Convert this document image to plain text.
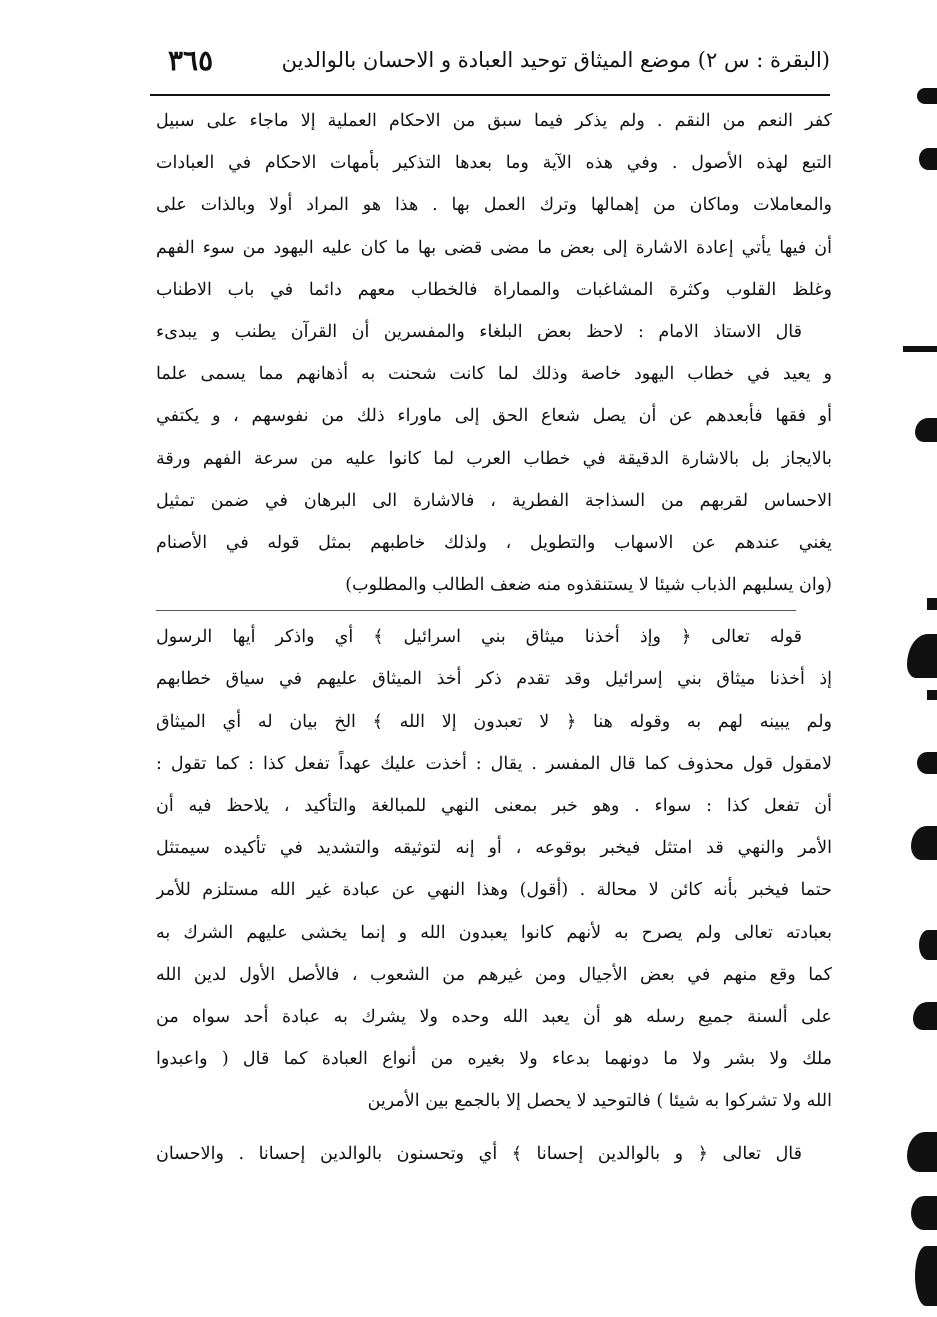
(البقرة : س ٢) موضع الميثاق توحيد العبادة و الاحسان بالوالدين
٣٦٥
كفر النعم من النقم . ولم يذكر فيما سبق من الاحكام العملية إلا ماجاء على سبيل
التبع لهذه الأصول . وفي هذه الآية وما بعدها التذكير بأمهات الاحكام في العبادات
والمعاملات وماكان من إهمالها وترك العمل بها . هذا هو المراد أولا وبالذات على
أن فيها يأتي إعادة الاشارة إلى بعض ما مضى قضى بها ما كان عليه اليهود من سوء الفهم
وغلظ القلوب وكثرة المشاغبات والمماراة فالخطاب معهم دائما في باب الاطناب
قال الاستاذ الامام : لاحظ بعض البلغاء والمفسرين أن القرآن يطنب و يبدىء
و يعيد في خطاب اليهود خاصة وذلك لما كانت شحنت به أذهانهم مما يسمى علما
أو فقها فأبعدهم عن أن يصل شعاع الحق إلى ماوراء ذلك من نفوسهم ، و يكتفي
بالايجاز بل بالاشارة الدقيقة في خطاب العرب لما كانوا عليه من سرعة الفهم ورقة
الاحساس لقربهم من السذاجة الفطرية ، فالاشارة الى البرهان في ضمن تمثيل
يغني عندهم عن الاسهاب والتطويل ، ولذلك خاطبهم بمثل قوله في الأصنام
(وان يسلبهم الذباب شيئا لا يستنقذوه منه ضعف الطالب والمطلوب)
قوله تعالى ﴿ وإذ أخذنا ميثاق بني اسرائيل ﴾ أي واذكر أيها الرسول
إذ أخذنا ميثاق بني إسرائيل وقد تقدم ذكر أخذ الميثاق عليهم في سياق خطابهم
ولم يبينه لهم به وقوله هنا ﴿ لا تعبدون إلا الله ﴾ الخ بيان له أي الميثاق
لامقول قول محذوف كما قال المفسر . يقال : أخذت عليك عهداً تفعل كذا : كما تقول :
أن تفعل كذا : سواء . وهو خبر بمعنى النهي للمبالغة والتأكيد ، يلاحظ فيه أن
الأمر والنهي قد امتثل فيخبر بوقوعه ، أو إنه لتوثيقه والتشديد في تأكيده سيمتثل
حتما فيخبر بأنه كائن لا محالة . (أقول) وهذا النهي عن عبادة غير الله مستلزم للأمر
بعبادته تعالى ولم يصرح به لأنهم كانوا يعبدون الله و إنما يخشى عليهم الشرك به
كما وقع منهم في بعض الأجيال ومن غيرهم من الشعوب ، فالأصل الأول لدين الله
على ألسنة جميع رسله هو أن يعبد الله وحده ولا يشرك به عبادة أحد سواه من
ملك ولا بشر ولا ما دونهما بدعاء ولا بغيره من أنواع العبادة كما قال ( واعبدوا
الله ولا تشركوا به شيئا ) فالتوحيد لا يحصل إلا بالجمع بين الأمرين
قال تعالى ﴿ و بالوالدين إحسانا ﴾ أي وتحسنون بالوالدين إحسانا . والاحسان
